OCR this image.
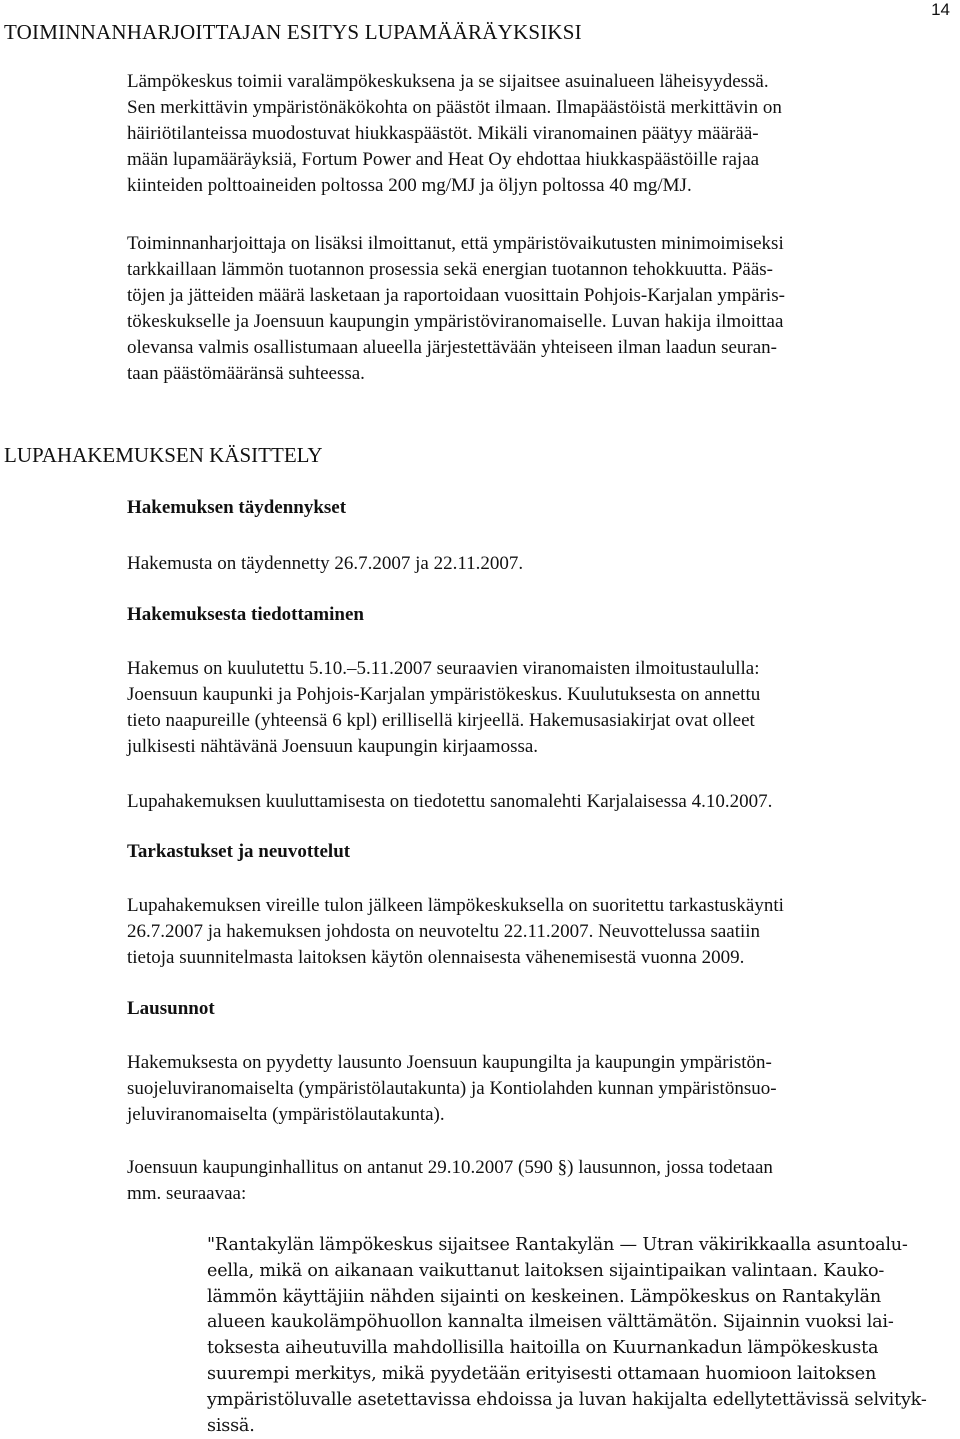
14
TOIMINNANHARJOITTAJAN ESITYS LUPAMÄÄRÄYKSIKSI
Lämpökeskus toimii varalämpökeskuksena ja se sijaitsee asuinalueen läheisyydessä.
Sen merkittävin ympäristönäkökohta on päästöt ilmaan. Ilmapäästöistä merkittävin on
häiriötilanteissa muodostuvat hiukkaspäästöt. Mikäli viranomainen päätyy määrää-
mään lupamääräyksiä, Fortum Power and Heat Oy ehdottaa hiukkaspäästöille rajaa
kiinteiden polttoaineiden poltossa 200 mg/MJ ja öljyn poltossa 40 mg/MJ.
Toiminnanharjoittaja on lisäksi ilmoittanut, että ympäristövaikutusten minimoimiseksi
tarkkaillaan lämmön tuotannon prosessia sekä energian tuotannon tehokkuutta. Pääs-
töjen ja jätteiden määrä lasketaan ja raportoidaan vuosittain Pohjois-Karjalan ympäris-
tökeskukselle ja Joensuun kaupungin ympäristöviranomaiselle. Luvan hakija ilmoittaa
olevansa valmis osallistumaan alueella järjestettävään yhteiseen ilman laadun seuran-
taan päästömääränsä suhteessa.
LUPAHAKEMUKSEN KÄSITTELY
Hakemuksen täydennykset
Hakemusta on täydennetty 26.7.2007 ja 22.11.2007.
Hakemuksesta tiedottaminen
Hakemus on kuulutettu 5.10.–5.11.2007 seuraavien viranomaisten ilmoitustaululla:
Joensuun kaupunki ja Pohjois-Karjalan ympäristökeskus. Kuulutuksesta on annettu
tieto naapureille (yhteensä 6 kpl) erillisellä kirjeellä. Hakemusasiakirjat ovat olleet
julkisesti nähtävänä Joensuun kaupungin kirjaamossa.
Lupahakemuksen kuuluttamisesta on tiedotettu sanomalehti Karjalaisessa 4.10.2007.
Tarkastukset ja neuvottelut
Lupahakemuksen vireille tulon jälkeen lämpökeskuksella on suoritettu tarkastuskäynti
26.7.2007 ja hakemuksen johdosta on neuvoteltu 22.11.2007. Neuvottelussa saatiin
tietoja suunnitelmasta laitoksen käytön olennaisesta vähenemisestä vuonna 2009.
Lausunnot
Hakemuksesta on pyydetty lausunto Joensuun kaupungilta ja kaupungin ympäristön-
suojeluviranomaiselta (ympäristölautakunta) ja Kontiolahden kunnan ympäristönsuo-
jeluviranomaiselta (ympäristölautakunta).
Joensuun kaupunginhallitus on antanut 29.10.2007 (590 §) lausunnon, jossa todetaan
mm. seuraavaa:
"Rantakylän lämpökeskus sijaitsee Rantakylän — Utran väkirikkaalla asuntoalu-
eella, mikä on aikanaan vaikuttanut laitoksen sijaintipaikan valintaan. Kauko-
lämmön käyttäjiin nähden sijainti on keskeinen. Lämpökeskus on Rantakylän
alueen kaukolämpöhuollon kannalta ilmeisen välttämätön. Sijainnin vuoksi lai-
toksesta aiheutuvilla mahdollisilla haitoilla on Kuurnankadun lämpökeskusta
suurempi merkitys, mikä pyydetään erityisesti ottamaan huomioon laitoksen
ympäristöluvalle asetettavissa ehdoissa ja luvan hakijalta edellytettävissä selvityk-
sissä.
